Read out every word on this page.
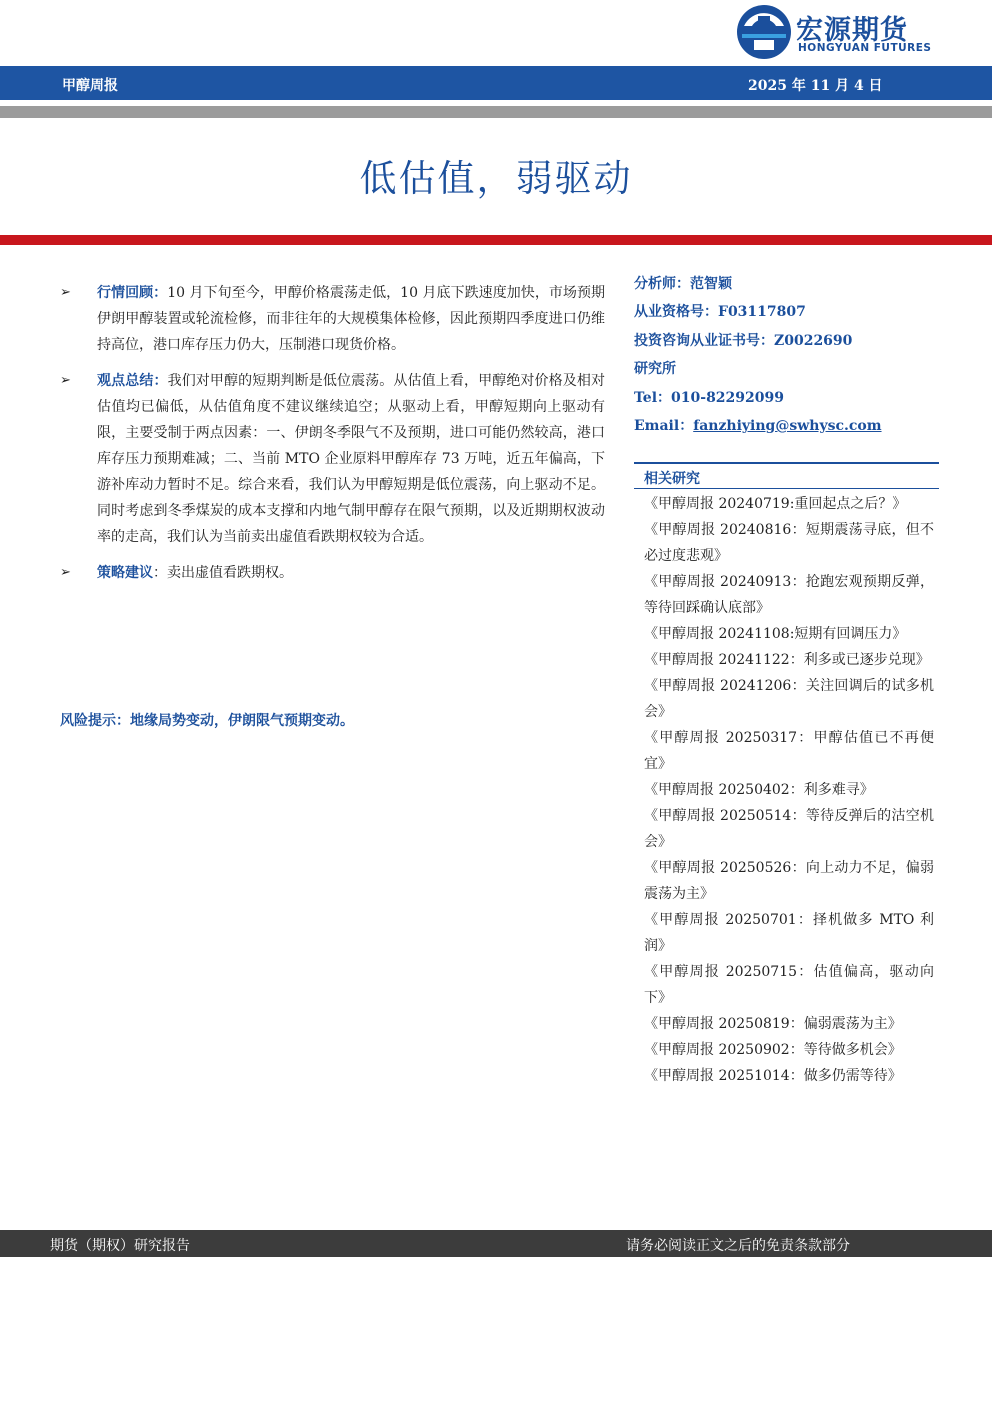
宏源期货
HONGYUAN FUTURES
甲醇周报	2025 年 11 月 4 日
低估值，弱驱动
➢ 行情回顾：10 月下旬至今，甲醇价格震荡走低，10 月底下跌速度加快，市场预期伊朗甲醇装置或轮流检修，而非往年的大规模集体检修，因此预期四季度进口仍维持高位，港口库存压力仍大，压制港口现货价格。
➢ 观点总结：我们对甲醇的短期判断是低位震荡。从估值上看，甲醇绝对价格及相对估值均已偏低，从估值角度不建议继续追空；从驱动上看，甲醇短期向上驱动有限，主要受制于两点因素：一、伊朗冬季限气不及预期，进口可能仍然较高，港口库存压力预期难减；二、当前 MTO 企业原料甲醇库存 73 万吨，近五年偏高，下游补库动力暂时不足。综合来看，我们认为甲醇短期是低位震荡，向上驱动不足。同时考虑到冬季煤炭的成本支撑和内地气制甲醇存在限气预期，以及近期期权波动率的走高，我们认为当前卖出虚值看跌期权较为合适。
➢ 策略建议：卖出虚值看跌期权。
风险提示：地缘局势变动，伊朗限气预期变动。
分析师：范智颖
从业资格号：F03117807
投资咨询从业证书号：Z0022690
研究所
Tel：010-82292099
Email：fanzhiying@swhysc.com
相关研究
《甲醇周报 20240719:重回起点之后？》
《甲醇周报 20240816：短期震荡寻底，但不必过度悲观》
《甲醇周报 20240913：抢跑宏观预期反弹，等待回踩确认底部》
《甲醇周报 20241108:短期有回调压力》
《甲醇周报 20241122：利多或已逐步兑现》
《甲醇周报 20241206：关注回调后的试多机会》
《甲醇周报 20250317：甲醇估值已不再便宜》
《甲醇周报 20250402：利多难寻》
《甲醇周报 20250514：等待反弹后的沽空机会》
《甲醇周报 20250526：向上动力不足，偏弱震荡为主》
《甲醇周报 20250701：择机做多 MTO 利润》
《甲醇周报 20250715：估值偏高，驱动向下》
《甲醇周报 20250819：偏弱震荡为主》
《甲醇周报 20250902：等待做多机会》
《甲醇周报 20251014：做多仍需等待》
期货（期权）研究报告	请务必阅读正文之后的免责条款部分
